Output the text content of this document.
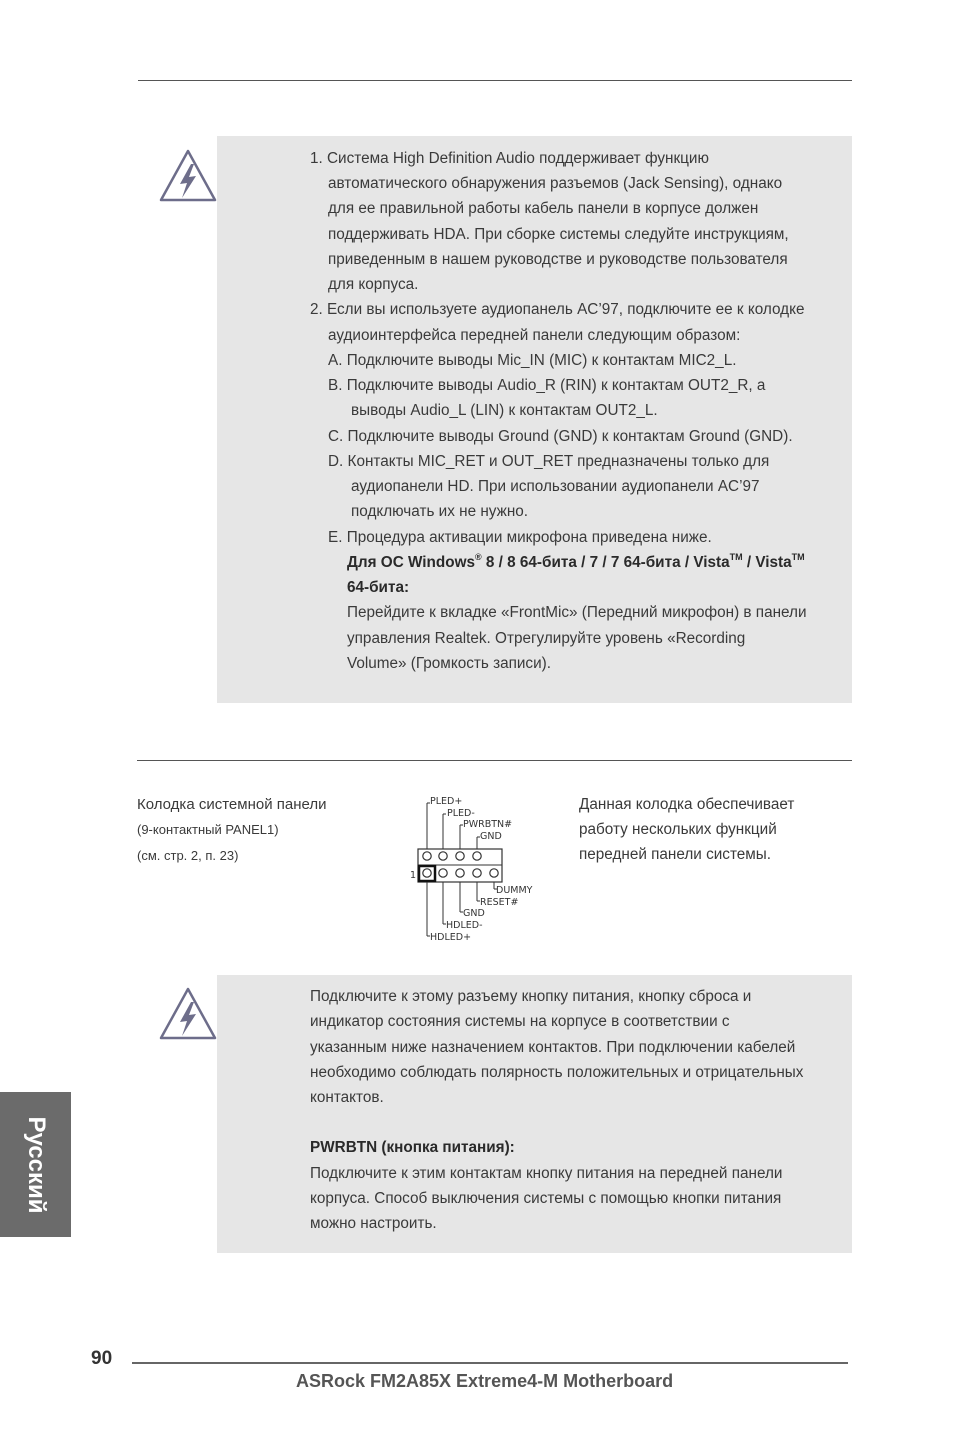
1. Система High Definition Audio поддерживает функцию
автоматического обнаружения разъемов (Jack Sensing), однако
для ее правильной работы кабель панели в корпусе должен
поддерживать HDA. При сборке системы следуйте инструкциям,
приведенным в нашем руководстве и руководстве пользователя
для корпуса.
2. Если вы используете аудиопанель AC’97, подключите ее к колодке
аудиоинтерфейса передней панели следующим образом:
A. Подключите выводы Mic_IN (MIC) к контактам MIC2_L.
B. Подключите выводы Audio_R (RIN) к контактам OUT2_R, а
выводы Audio_L (LIN) к контактам OUT2_L.
C. Подключите выводы Ground (GND) к контактам Ground (GND).
D. Контакты MIC_RET и OUT_RET предназначены только для
аудиопанели HD. При использовании аудиопанели AC’97
подключать их не нужно.
E. Процедура активации микрофона приведена ниже.
Для ОС Windows® 8 / 8 64-бита / 7 / 7 64-бита / Vista™ / Vista™
64-бита:
Перейдите к вкладке «FrontMic» (Передний микрофон) в панели
управления Realtek. Отрегулируйте уровень «Recording
Volume» (Громкость записи).
Колодка системной панели
(9-контактный PANEL1)
(см. стр. 2, п. 23)
Данная колодка обеспечивает
работу нескольких функций
передней панели системы.
PLED+
PLED-
PWRBTN#
GND
1
DUMMY
RESET#
GND
HDLED-
HDLED+
Подключите к этому разъему кнопку питания, кнопку сброса и
индикатор состояния системы на корпусе в соответствии с
указанным ниже назначением контактов. При подключении кабелей
необходимо соблюдать полярность положительных и отрицательных
контактов.
PWRBTN (кнопка питания):
Подключите к этим контактам кнопку питания на передней панели
корпуса. Способ выключения системы с помощью кнопки питания
можно настроить.
Русский
90
ASRock FM2A85X Extreme4-M Motherboard
